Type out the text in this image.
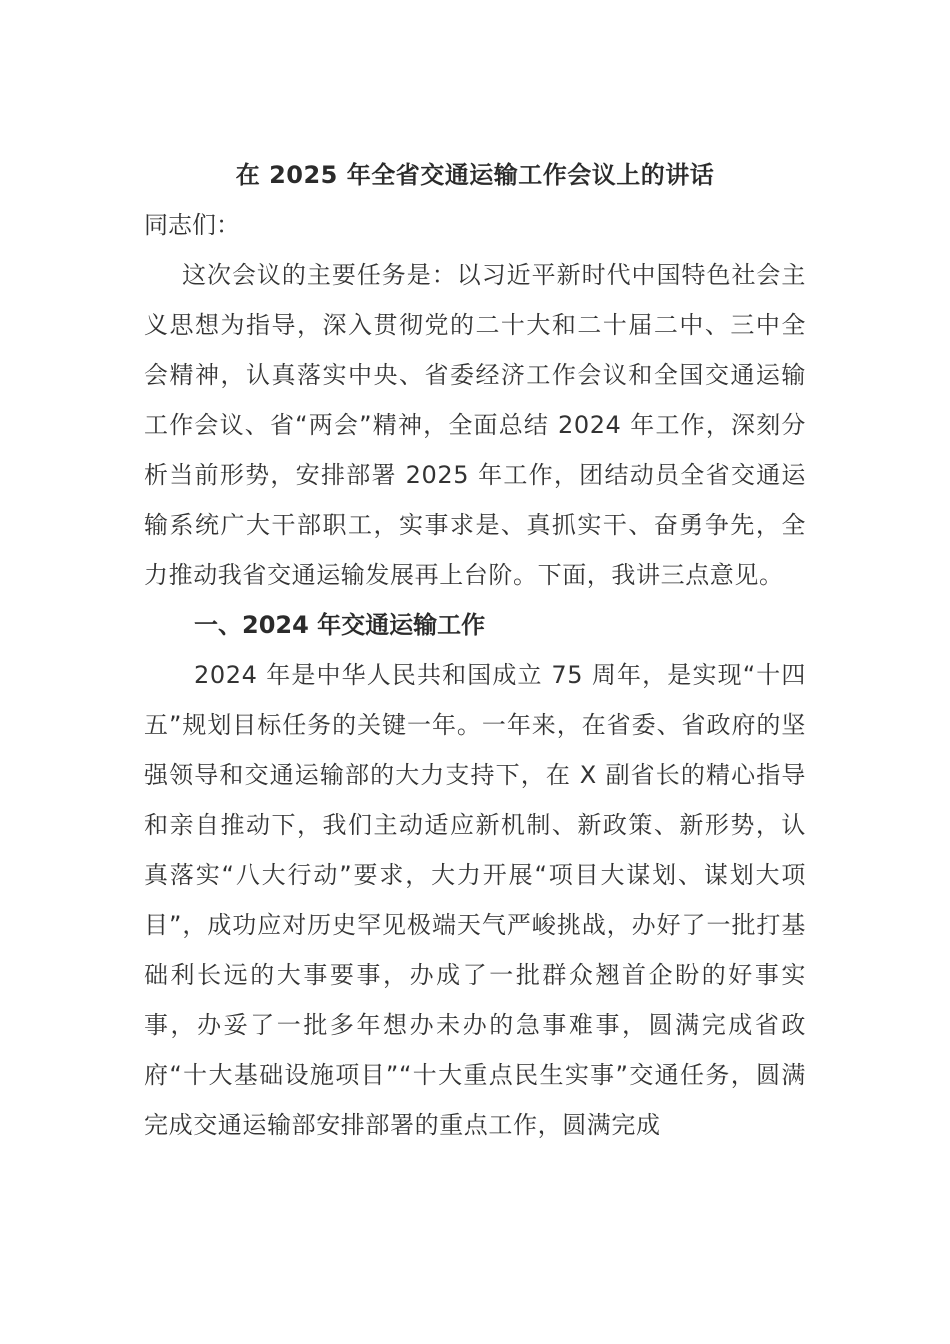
在 2025 年全省交通运输工作会议上的讲话

同志们：

这次会议的主要任务是：以习近平新时代中国特色社会主义思想为指导，深入贯彻党的二十大和二十届二中、三中全会精神，认真落实中央、省委经济工作会议和全国交通运输工作会议、省“两会”精神，全面总结 2024 年工作，深刻分析当前形势，安排部署 2025 年工作，团结动员全省交通运输系统广大干部职工，实事求是、真抓实干、奋勇争先，全力推动我省交通运输发展再上台阶。下面，我讲三点意见。

一、2024 年交通运输工作

2024 年是中华人民共和国成立 75 周年，是实现“十四五”规划目标任务的关键一年。一年来，在省委、省政府的坚强领导和交通运输部的大力支持下，在 X 副省长的精心指导和亲自推动下，我们主动适应新机制、新政策、新形势，认真落实“八大行动”要求，大力开展“项目大谋划、谋划大项目”，成功应对历史罕见极端天气严峻挑战，办好了一批打基础利长远的大事要事，办成了一批群众翘首企盼的好事实事，办妥了一批多年想办未办的急事难事，圆满完成省政府“十大基础设施项目”“十大重点民生实事”交通任务，圆满完成交通运输部安排部署的重点工作，圆满完成
